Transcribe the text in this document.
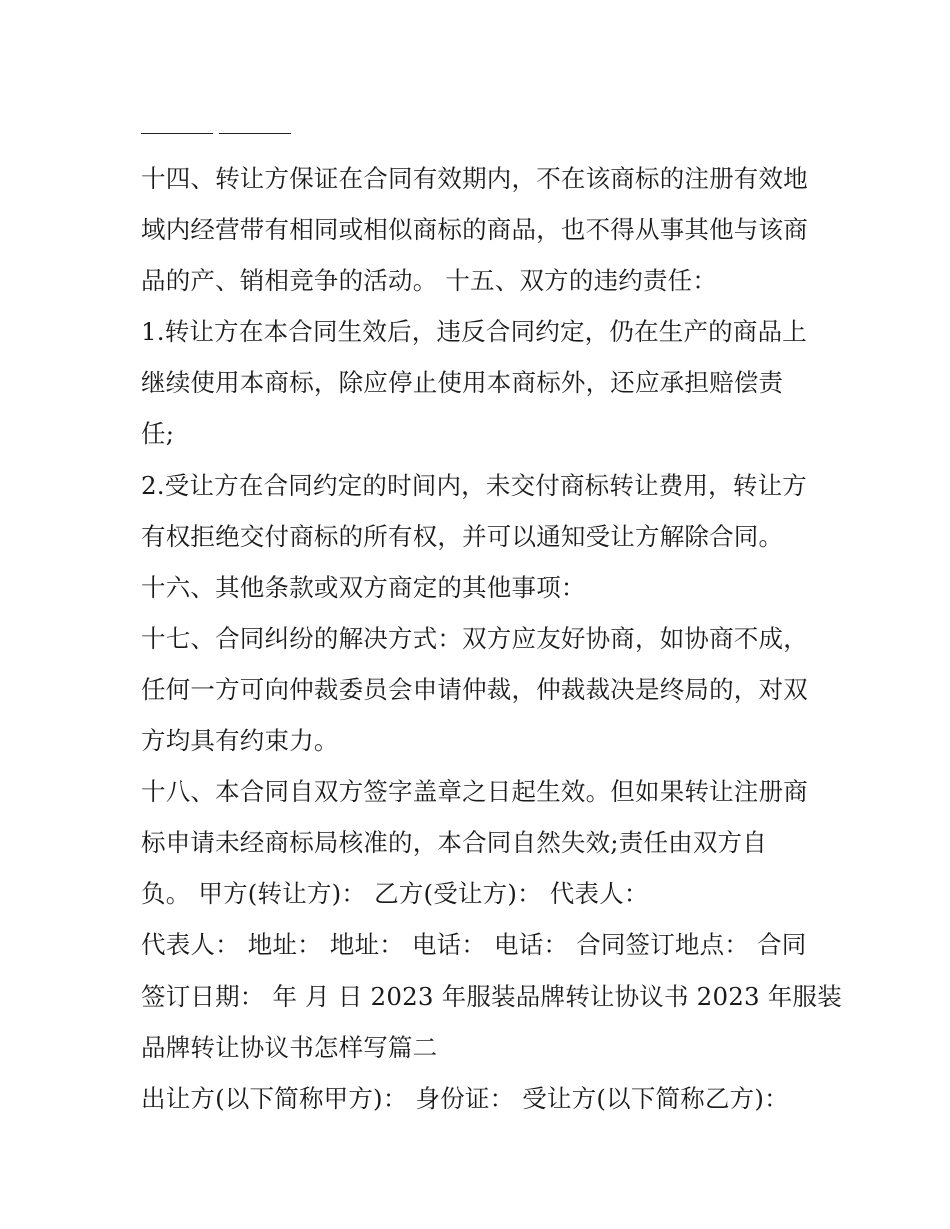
十四、转让方保证在合同有效期内，不在该商标的注册有效地
域内经营带有相同或相似商标的商品，也不得从事其他与该商
品的产、销相竞争的活动。 十五、双方的违约责任：
1.转让方在本合同生效后，违反合同约定，仍在生产的商品上
继续使用本商标，除应停止使用本商标外，还应承担赔偿责
任;
2.受让方在合同约定的时间内，未交付商标转让费用，转让方
有权拒绝交付商标的所有权，并可以通知受让方解除合同。
十六、其他条款或双方商定的其他事项：
十七、合同纠纷的解决方式：双方应友好协商，如协商不成，
任何一方可向仲裁委员会申请仲裁，仲裁裁决是终局的，对双
方均具有约束力。
十八、本合同自双方签字盖章之日起生效。但如果转让注册商
标申请未经商标局核准的，本合同自然失效;责任由双方自
负。 甲方(转让方)： 乙方(受让方)： 代表人：
代表人： 地址： 地址： 电话： 电话： 合同签订地点： 合同
签订日期： 年 月 日 2023 年服装品牌转让协议书 2023 年服装
品牌转让协议书怎样写篇二
出让方(以下简称甲方)： 身份证： 受让方(以下简称乙方)：
